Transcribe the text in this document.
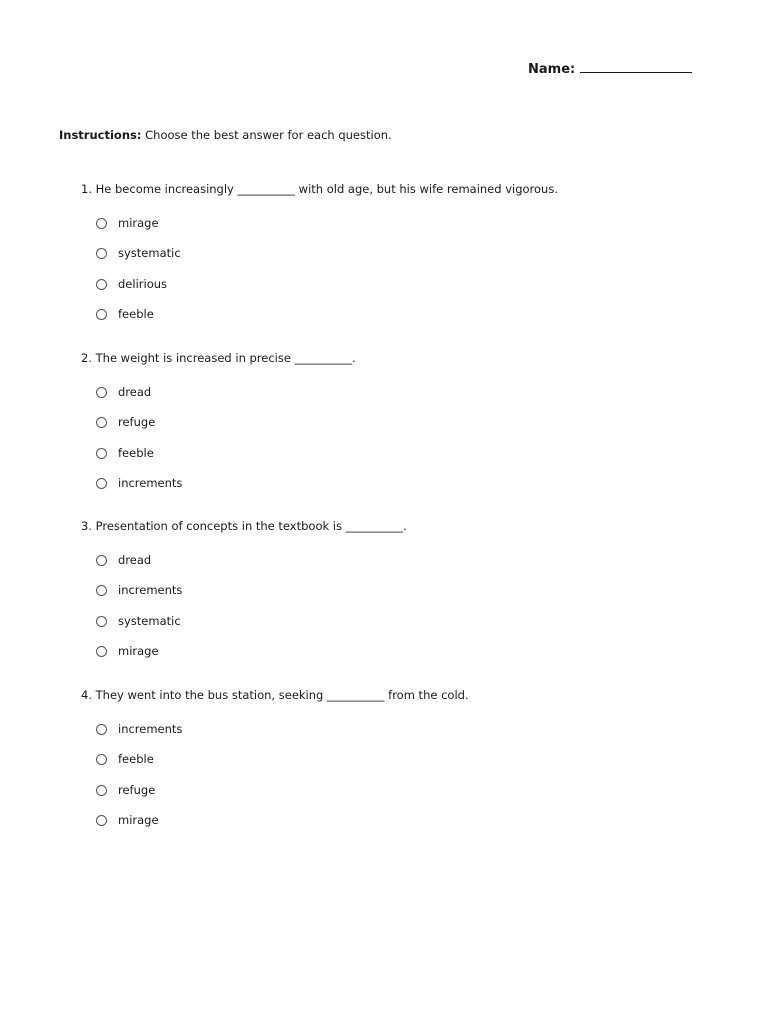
Name:
Instructions: Choose the best answer for each question.
1. He become increasingly __________ with old age, but his wife remained vigorous.
mirage
systematic
delirious
feeble
2. The weight is increased in precise __________.
dread
refuge
feeble
increments
3. Presentation of concepts in the textbook is __________.
dread
increments
systematic
mirage
4. They went into the bus station, seeking __________ from the cold.
increments
feeble
refuge
mirage
